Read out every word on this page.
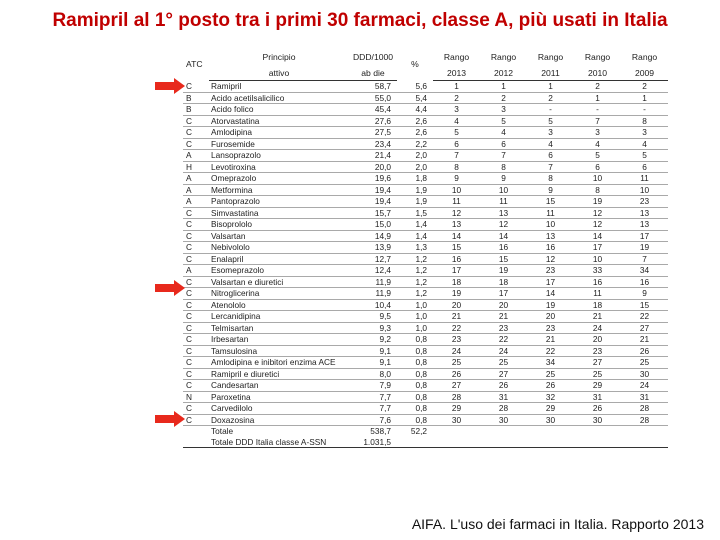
Ramipril al 1° posto tra i primi 30 farmaci, classe A, più usati in Italia
ATC	Principio	DDD/1000	%	Rango	Rango	Rango	Rango	Rango
	attivo	ab die		2013	2012	2011	2010	2009
C	Ramipril	58,7	5,6	1	1	1	2	2
B	Acido acetilsalicilico	55,0	5,4	2	2	2	1	1
B	Acido folico	45,4	4,4	3	3	-	-	-
C	Atorvastatina	27,6	2,6	4	5	5	7	8
C	Amlodipina	27,5	2,6	5	4	3	3	3
C	Furosemide	23,4	2,2	6	6	4	4	4
A	Lansoprazolo	21,4	2,0	7	7	6	5	5
H	Levotiroxina	20,0	2,0	8	8	7	6	6
A	Omeprazolo	19,6	1,8	9	9	8	10	11
A	Metformina	19,4	1,9	10	10	9	8	10
A	Pantoprazolo	19,4	1,9	11	11	15	19	23
C	Simvastatina	15,7	1,5	12	13	11	12	13
C	Bisoprololo	15,0	1,4	13	12	10	12	13
C	Valsartan	14,9	1,4	14	14	13	14	17
C	Nebivololo	13,9	1,3	15	16	16	17	19
C	Enalapril	12,7	1,2	16	15	12	10	7
A	Esomeprazolo	12,4	1,2	17	19	23	33	34
C	Valsartan e diuretici	11,9	1,2	18	18	17	16	16
C	Nitroglicerina	11,9	1,2	19	17	14	11	9
C	Atenololo	10,4	1,0	20	20	19	18	15
C	Lercanidipina	9,5	1,0	21	21	20	21	22
C	Telmisartan	9,3	1,0	22	23	23	24	27
C	Irbesartan	9,2	0,8	23	22	21	20	21
C	Tamsulosina	9,1	0,8	24	24	22	23	26
C	Amlodipina e inibitori enzima ACE	9,1	0,8	25	25	34	27	25
C	Ramipril e diuretici	8,0	0,8	26	27	25	25	30
C	Candesartan	7,9	0,8	27	26	26	29	24
N	Paroxetina	7,7	0,8	28	31	32	31	31
C	Carvedilolo	7,7	0,8	29	28	29	26	28
C	Doxazosina	7,6	0,8	30	30	30	30	28
	Totale	538,7	52,2					
	Totale DDD Italia classe A-SSN	1.031,5						
AIFA. L'uso dei farmaci in Italia. Rapporto 2013
